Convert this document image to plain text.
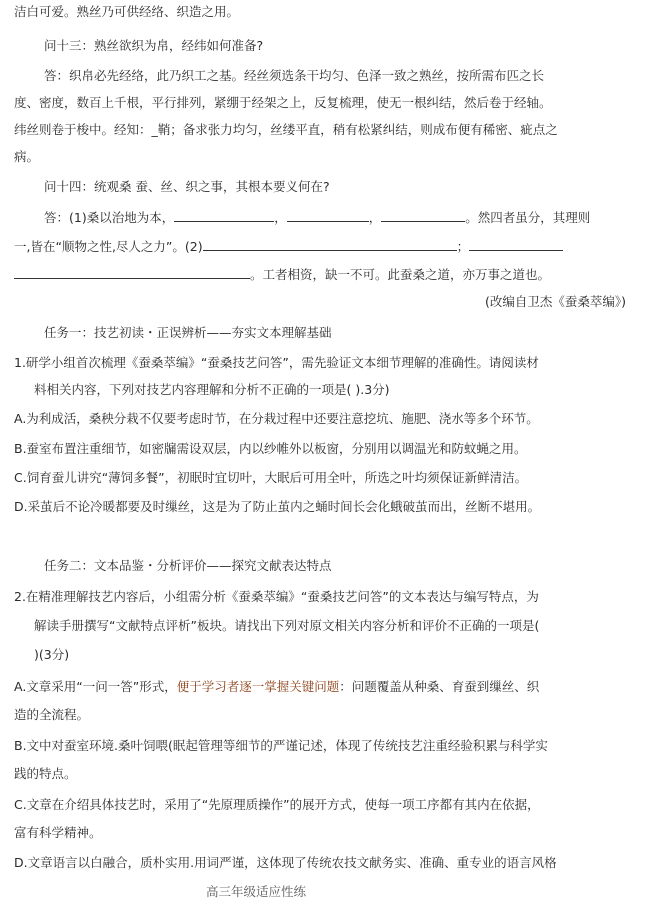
洁白可爱。熟丝乃可供经络、织造之用。
问十三：熟丝欲织为帛，经纬如何准备?
答：织帛必先经络，此乃织工之基。经丝须选条干均匀、色泽一致之熟丝，按所需布匹之长
度、密度，数百上千根，平行排列，紧绷于经架之上，反复梳理，使无一根纠结，然后卷于经轴。
纬丝则卷于梭中。经知：_鞘；备求张力均匀，丝缕平直，稍有松紧纠结，则成布便有稀密、疵点之
病。
问十四：统观桑 蚕、丝、织之事，其根本要义何在?
答：(1)桑以治地为本，	，	，	。然四者虽分，其理则
一,皆在“顺物之性,尽人之力”。(2)	；
。工者相资，缺一不可。此蚕桑之道，亦万事之道也。
(改编自卫杰《蚕桑萃编》)
任务一：技艺初读・正误辨析——夯实文本理解基础
1.研学小组首次梳理《蚕桑萃编》“蚕桑技艺问答”，需先验证文本细节理解的准确性。请阅读材
料相关内容，下列对技艺内容理解和分析不正确的一项是( ).3分)
A.为利成活，桑秧分栽不仅要考虑时节，在分栽过程中还要注意挖坑、施肥、浇水等多个环节。
B.蚕室布置注重细节，如密牖需设双层，内以纱帷外以板窗，分别用以调温光和防蚊蝇之用。
C.饲育蚕儿讲究“薄饲多餐”，初眠时宜切叶，大眠后可用全叶，所选之叶均须保证新鲜清洁。
D.采茧后不论冷暖都要及时缫丝，这是为了防止茧内之蛹时间长会化蛾破茧而出，丝断不堪用。
任务二：文本品鉴・分析评价——探究文献表达特点
2.在精准理解技艺内容后，小组需分析《蚕桑萃编》“蚕桑技艺问答”的文本表达与编写特点，为
解读手册撰写“文献特点评析”板块。请找出下列对原文相关内容分析和评价不正确的一项是(
)(3分)
A.文章采用“一问一答”形式，便于学习者逐一掌握关键问题：问题覆盖从种桑、育蚕到缫丝、织
造的全流程。
B.文中对蚕室环境.桑叶饲喂(眠起管理等细节的严谨记述，体现了传统技艺注重经验积累与科学实
践的特点。
C.文章在介绍具体技艺时，采用了“先原理质操作”的展开方式，使每一项工序都有其内在依据，
富有科学精神。
D.文章语言以白融合，质朴实用.用词严谨，这体现了传统农技文献务实、准确、重专业的语言风格
高三年级适应性练
